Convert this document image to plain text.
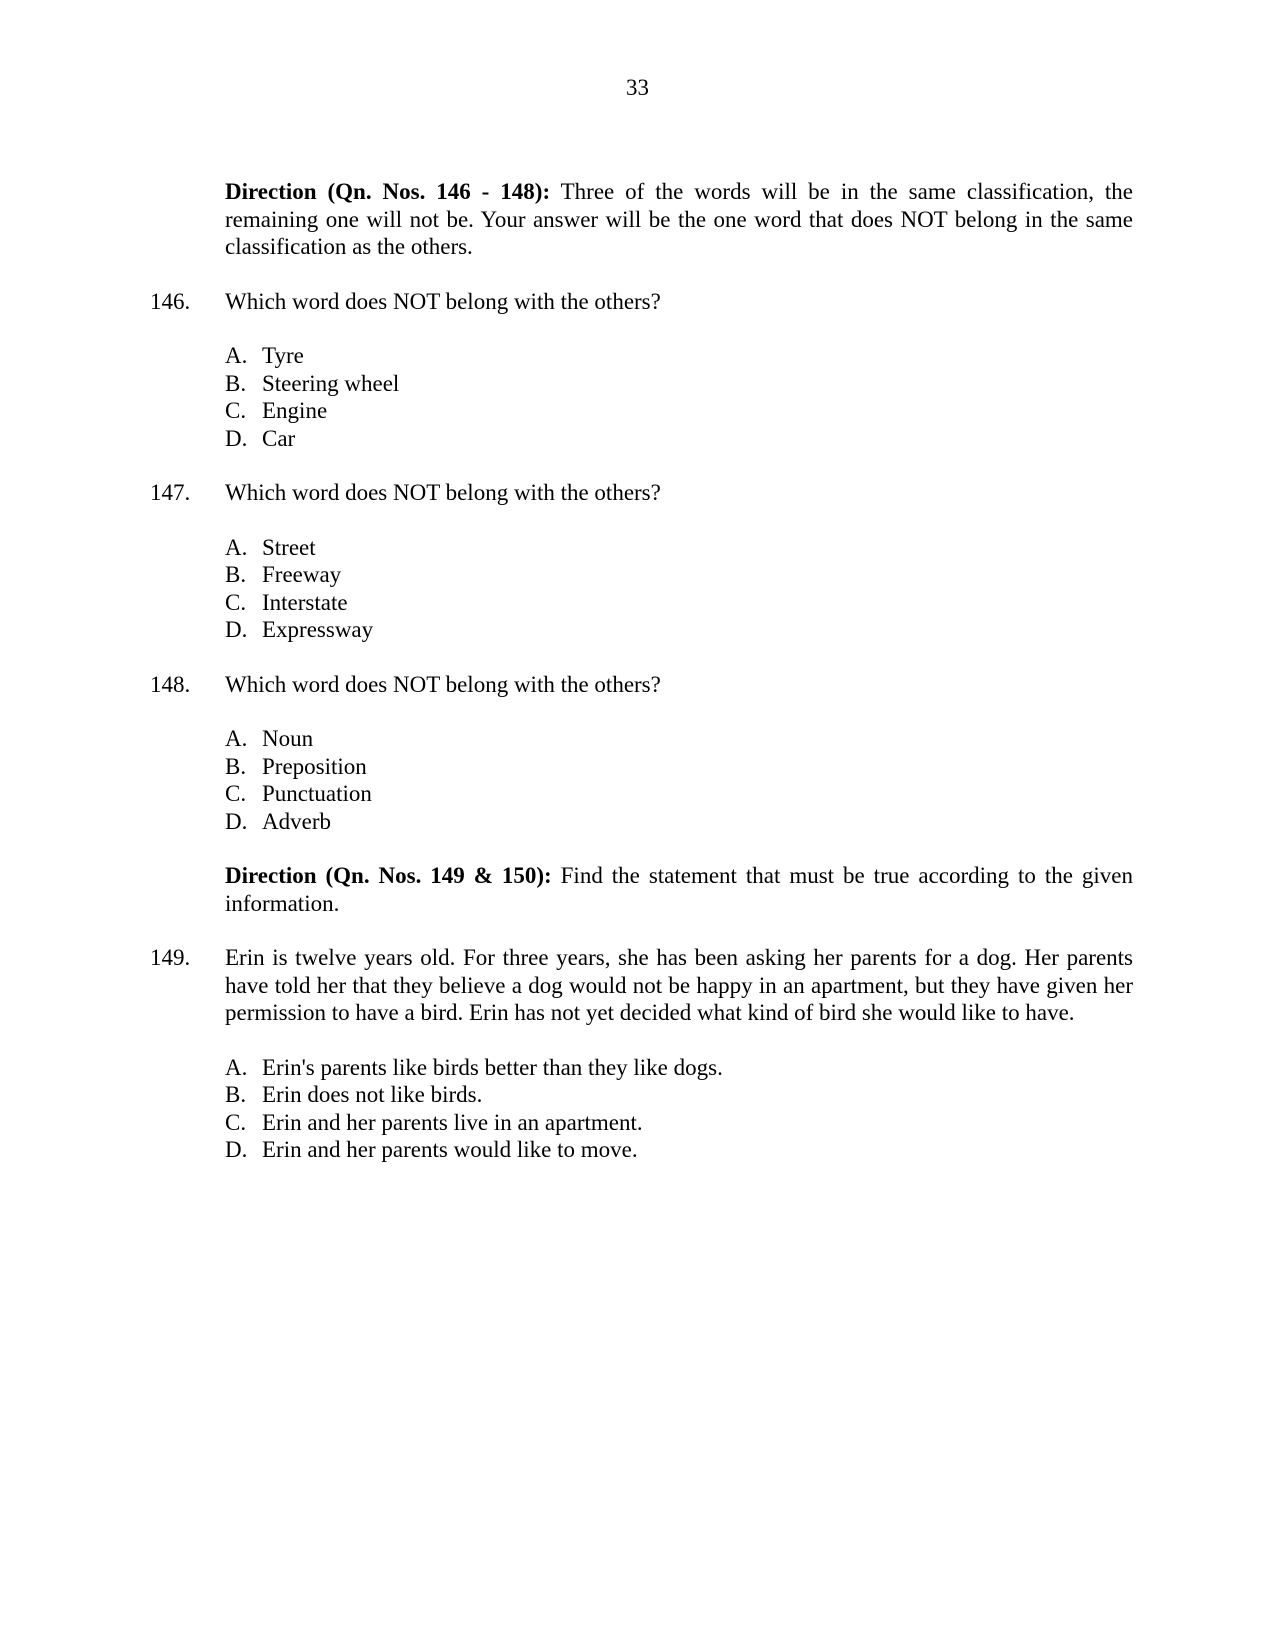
33
Direction (Qn. Nos. 146 - 148): Three of the words will be in the same classification, the remaining one will not be. Your answer will be the one word that does NOT belong in the same classification as the others.
146.	Which word does NOT belong with the others?
A. Tyre
B. Steering wheel
C. Engine
D. Car
147.	Which word does NOT belong with the others?
A. Street
B. Freeway
C. Interstate
D. Expressway
148.	Which word does NOT belong with the others?
A. Noun
B. Preposition
C. Punctuation
D. Adverb
Direction (Qn. Nos. 149 & 150): Find the statement that must be true according to the given information.
149.	Erin is twelve years old. For three years, she has been asking her parents for a dog. Her parents have told her that they believe a dog would not be happy in an apartment, but they have given her permission to have a bird. Erin has not yet decided what kind of bird she would like to have.
A. Erin's parents like birds better than they like dogs.
B. Erin does not like birds.
C. Erin and her parents live in an apartment.
D. Erin and her parents would like to move.
